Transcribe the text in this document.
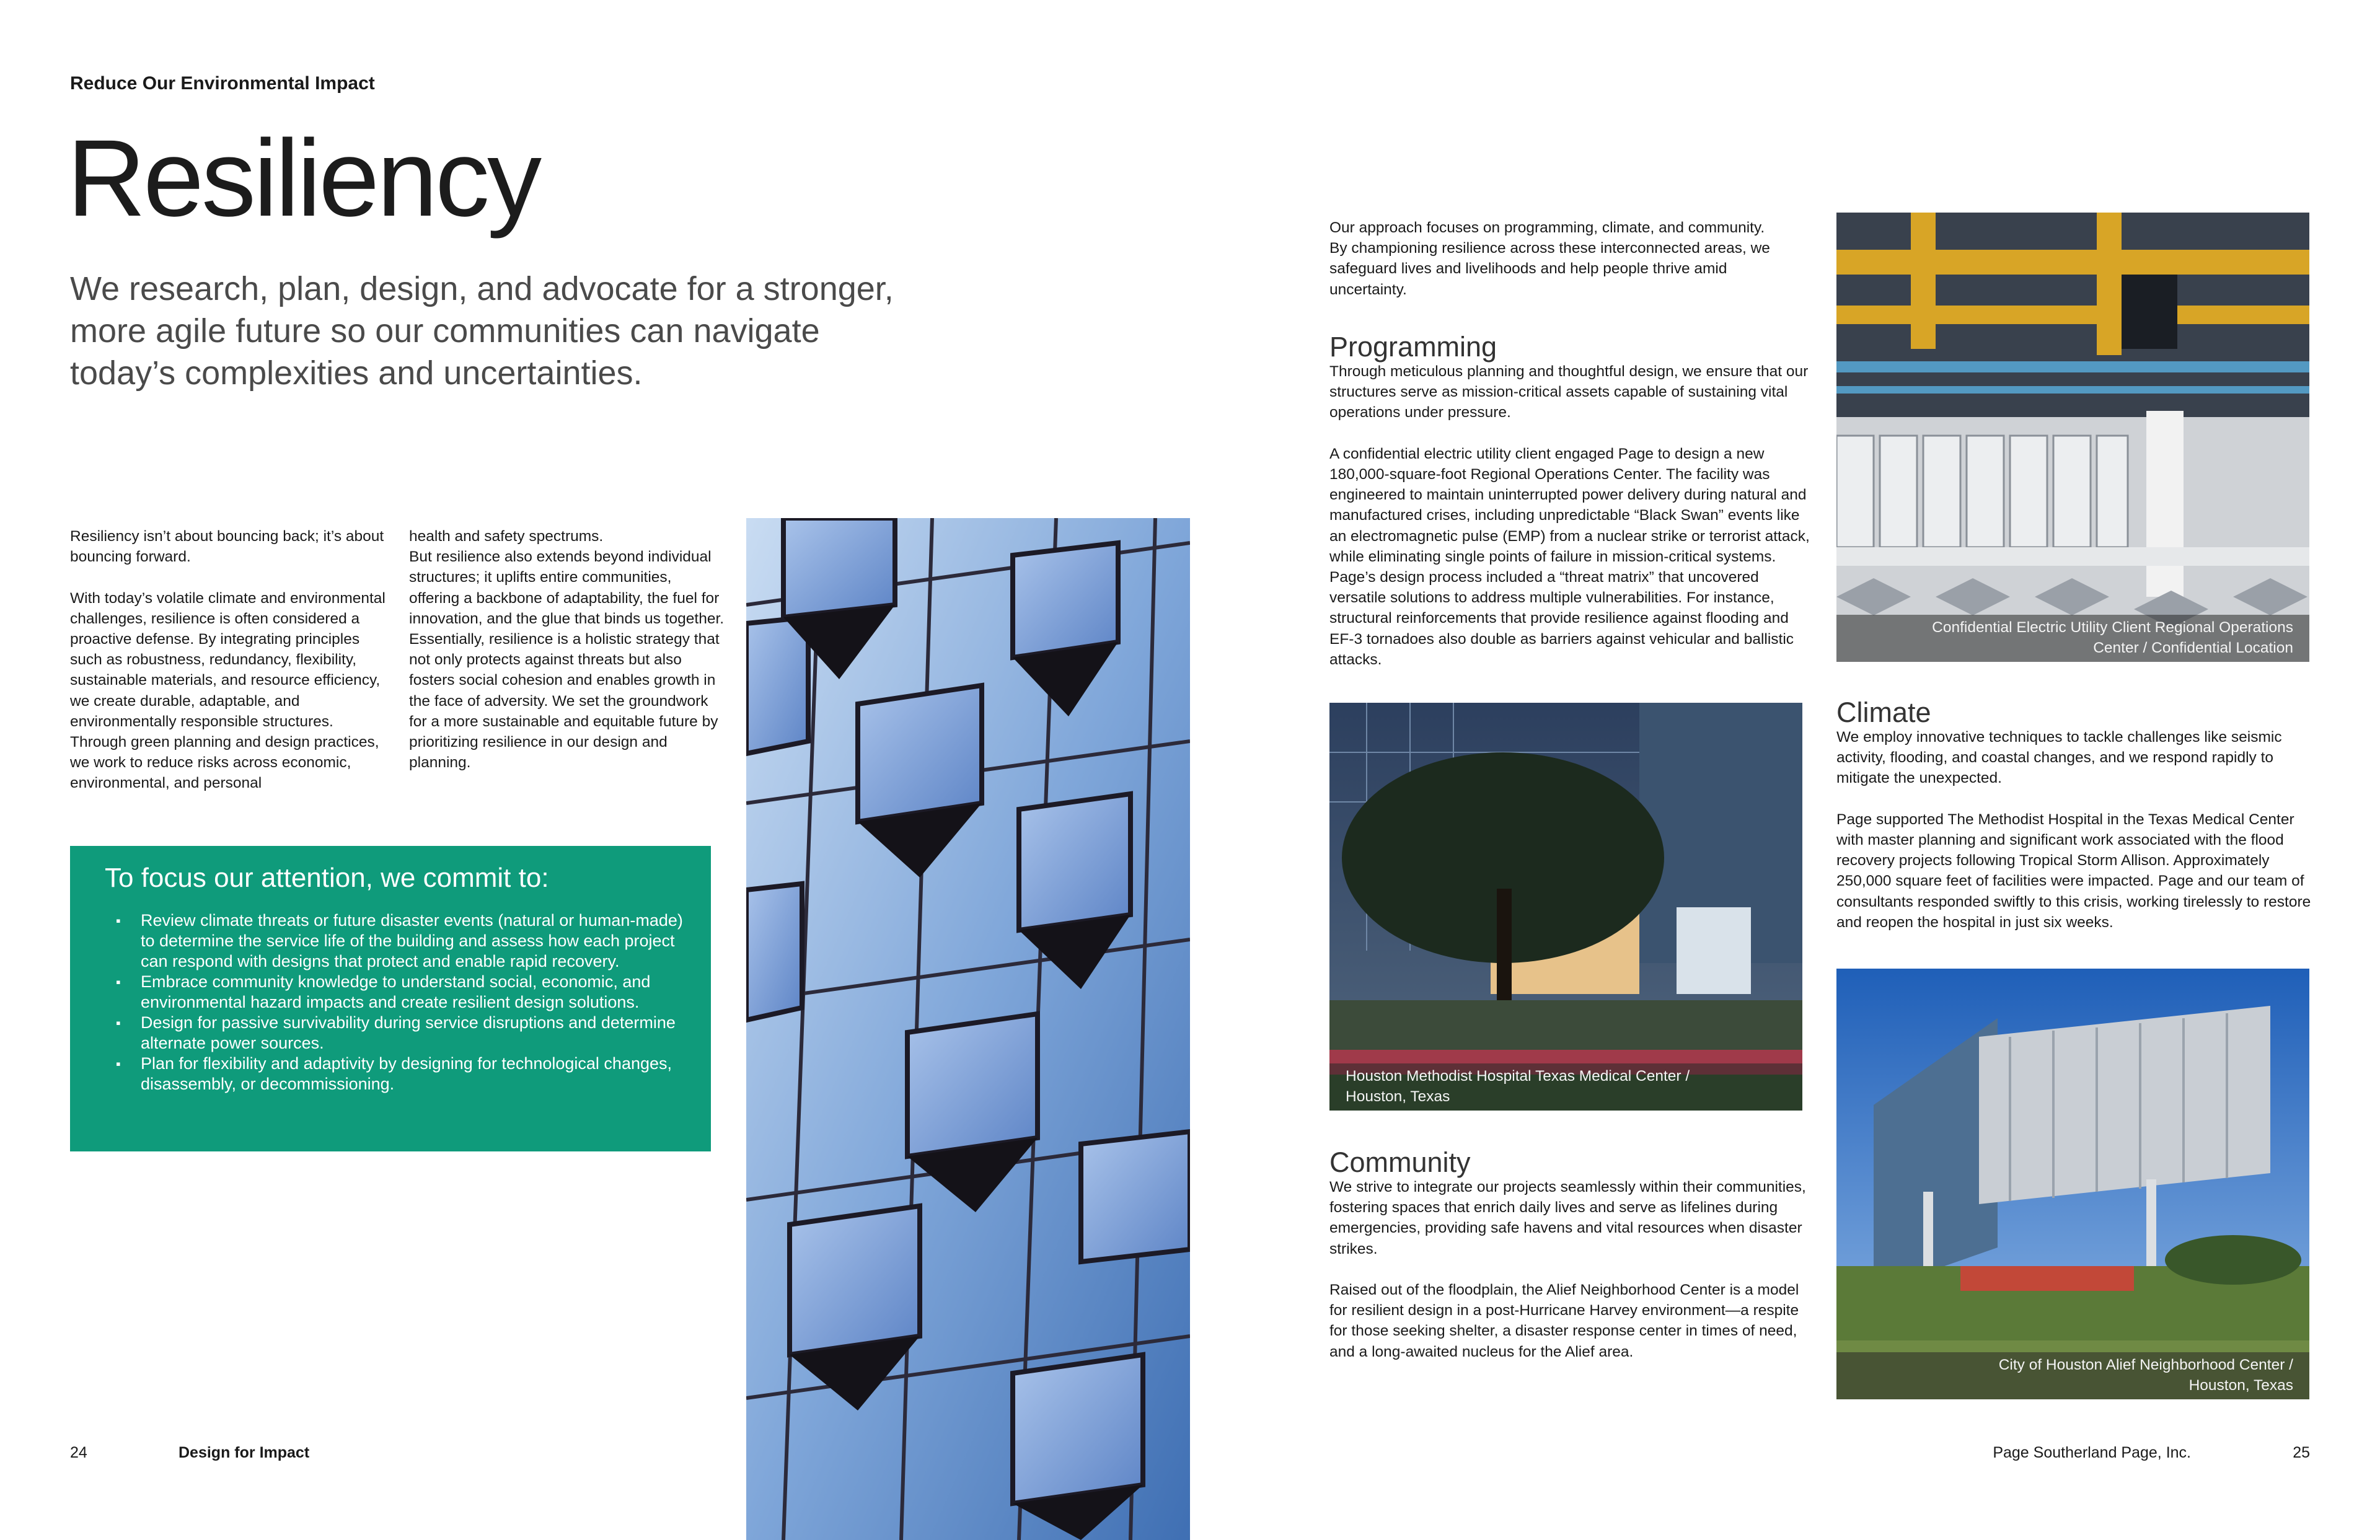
Reduce Our Environmental Impact
Resiliency
We research, plan, design, and advocate for a stronger, more agile future so our communities can navigate today’s complexities and uncertainties.
Resiliency isn’t about bouncing back; it’s about bouncing forward.

With today’s volatile climate and environmental challenges, resilience is often considered a proactive defense. By integrating principles such as robustness, redundancy, flexibility, sustainable materials, and resource efficiency, we create durable, adaptable, and environmentally responsible structures. Through green planning and design practices, we work to reduce risks across economic, environmental, and personal
health and safety spectrums.
But resilience also extends beyond individual structures; it uplifts entire communities, offering a backbone of adaptability, the fuel for innovation, and the glue that binds us together. Essentially, resilience is a holistic strategy that not only protects against threats but also fosters social cohesion and enables growth in the face of adversity. We set the groundwork for a more sustainable and equitable future by prioritizing resilience in our design and planning.
To focus our attention, we commit to:
▪ Review climate threats or future disaster events (natural or human-made) to determine the service life of the building and assess how each project can respond with designs that protect and enable rapid recovery.
▪ Embrace community knowledge to understand social, economic, and environmental hazard impacts and create resilient design solutions.
▪ Design for passive survivability during service disruptions and determine alternate power sources.
▪ Plan for flexibility and adaptivity by designing for technological changes, disassembly, or decommissioning.
Our approach focuses on programming, climate, and community. By championing resilience across these interconnected areas, we safeguard lives and livelihoods and help people thrive amid uncertainty.
Programming
Through meticulous planning and thoughtful design, we ensure that our structures serve as mission-critical assets capable of sustaining vital operations under pressure.

A confidential electric utility client engaged Page to design a new 180,000-square-foot Regional Operations Center. The facility was engineered to maintain uninterrupted power delivery during natural and manufactured crises, including unpredictable “Black Swan” events like an electromagnetic pulse (EMP) from a nuclear strike or terrorist attack, while eliminating single points of failure in mission-critical systems. Page’s design process included a “threat matrix” that uncovered versatile solutions to address multiple vulnerabilities. For instance, structural reinforcements that provide resilience against flooding and EF-3 tornadoes also double as barriers against vehicular and ballistic attacks.
Confidential Electric Utility Client Regional Operations
Center / Confidential Location
Houston Methodist Hospital Texas Medical Center /
Houston, Texas
Climate
We employ innovative techniques to tackle challenges like seismic activity, flooding, and coastal changes, and we respond rapidly to mitigate the unexpected.

Page supported The Methodist Hospital in the Texas Medical Center with master planning and significant work associated with the flood recovery projects following Tropical Storm Allison. Approximately 250,000 square feet of facilities were impacted. Page and our team of consultants responded swiftly to this crisis, working tirelessly to restore and reopen the hospital in just six weeks.
Community
We strive to integrate our projects seamlessly within their communities, fostering spaces that enrich daily lives and serve as lifelines during emergencies, providing safe havens and vital resources when disaster strikes.

Raised out of the floodplain, the Alief Neighborhood Center is a model for resilient design in a post-Hurricane Harvey environment—a respite for those seeking shelter, a disaster response center in times of need, and a long-awaited nucleus for the Alief area.
City of Houston Alief Neighborhood Center /
Houston, Texas
24	Design for Impact	Page Southerland Page, Inc.	25
